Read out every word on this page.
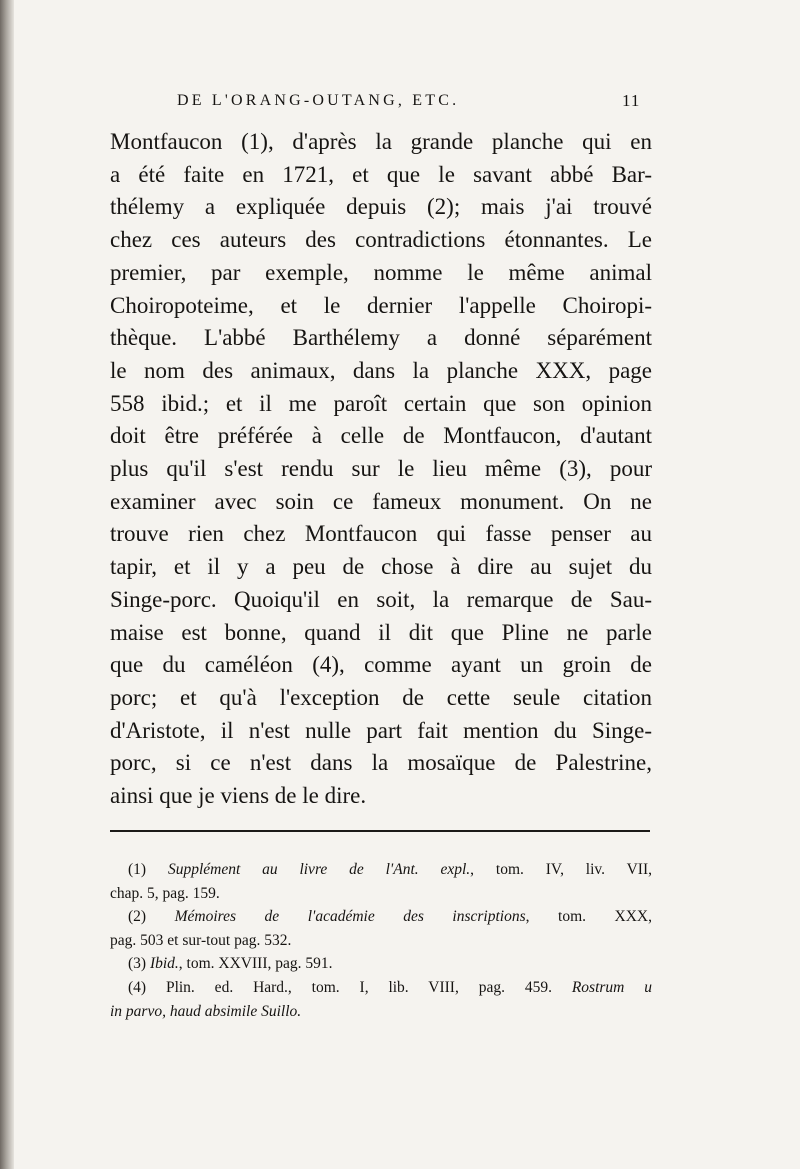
DE L'ORANG-OUTANG, ETC.	11
Montfaucon (1), d'après la grande planche qui en
a été faite en 1721, et que le savant abbé Bar-
thélemy a expliquée depuis (2); mais j'ai trouvé
chez ces auteurs des contradictions étonnantes. Le
premier, par exemple, nomme le même animal
Choiropoteime, et le dernier l'appelle Choiropi-
thèque. L'abbé Barthélemy a donné séparément
le nom des animaux, dans la planche XXX, page
558 ibid.; et il me paroît certain que son opinion
doit être préférée à celle de Montfaucon, d'autant
plus qu'il s'est rendu sur le lieu même (3), pour
examiner avec soin ce fameux monument. On ne
trouve rien chez Montfaucon qui fasse penser au
tapir, et il y a peu de chose à dire au sujet du
Singe-porc. Quoiqu'il en soit, la remarque de Sau-
maise est bonne, quand il dit que Pline ne parle
que du caméléon (4), comme ayant un groin de
porc; et qu'à l'exception de cette seule citation
d'Aristote, il n'est nulle part fait mention du Singe-
porc, si ce n'est dans la mosaïque de Palestrine,
ainsi que je viens de le dire.
(1) Supplément au livre de l'Ant. expl., tom. IV, liv. VII,
chap. 5, pag. 159.
(2) Mémoires de l'académie des inscriptions, tom. XXX,
pag. 503 et sur-tout pag. 532.
(3) Ibid., tom. XXVIII, pag. 591.
(4) Plin. ed. Hard., tom. I, lib. VIII, pag. 459. Rostrum u
in parvo, haud absimile Suillo.
